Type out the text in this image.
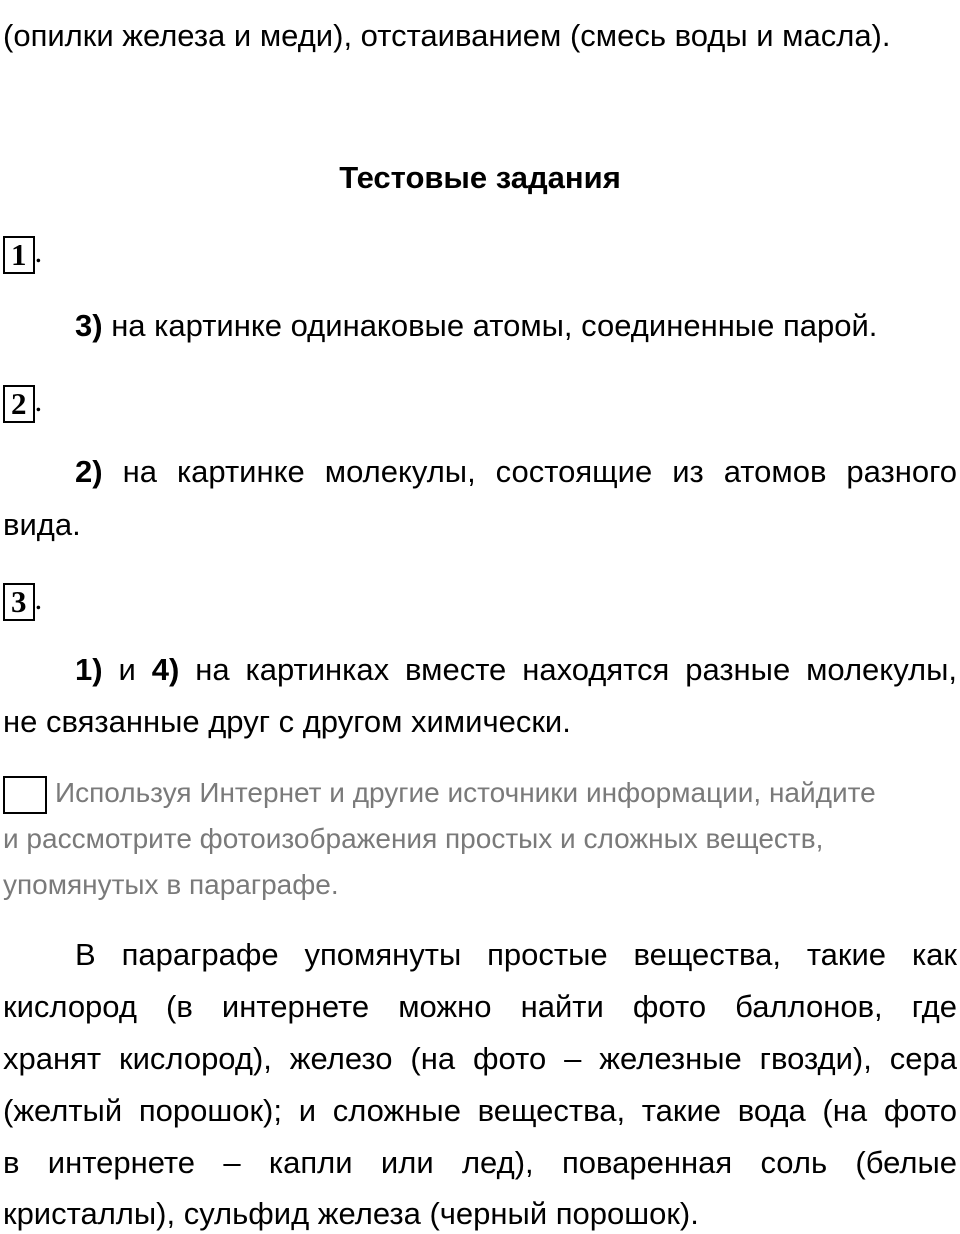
(опилки железа и меди), отстаиванием (смесь воды и масла).
Тестовые задания
1 .
3) на картинке одинаковые атомы, соединенные парой.
2 .
2) на картинке молекулы, состоящие из атомов разного
вида.
3 .
1) и 4) на картинках вместе находятся разные молекулы,
не связанные друг с другом химически.
Используя Интернет и другие источники информации, найдите
и рассмотрите фотоизображения простых и сложных веществ,
упомянутых в параграфе.
В параграфе упомянуты простые вещества, такие как
кислород (в интернете можно найти фото баллонов, где
хранят кислород), железо (на фото – железные гвозди), сера
(желтый порошок); и сложные вещества, такие вода (на фото
в интернете – капли или лед), поваренная соль (белые
кристаллы), сульфид железа (черный порошок).
